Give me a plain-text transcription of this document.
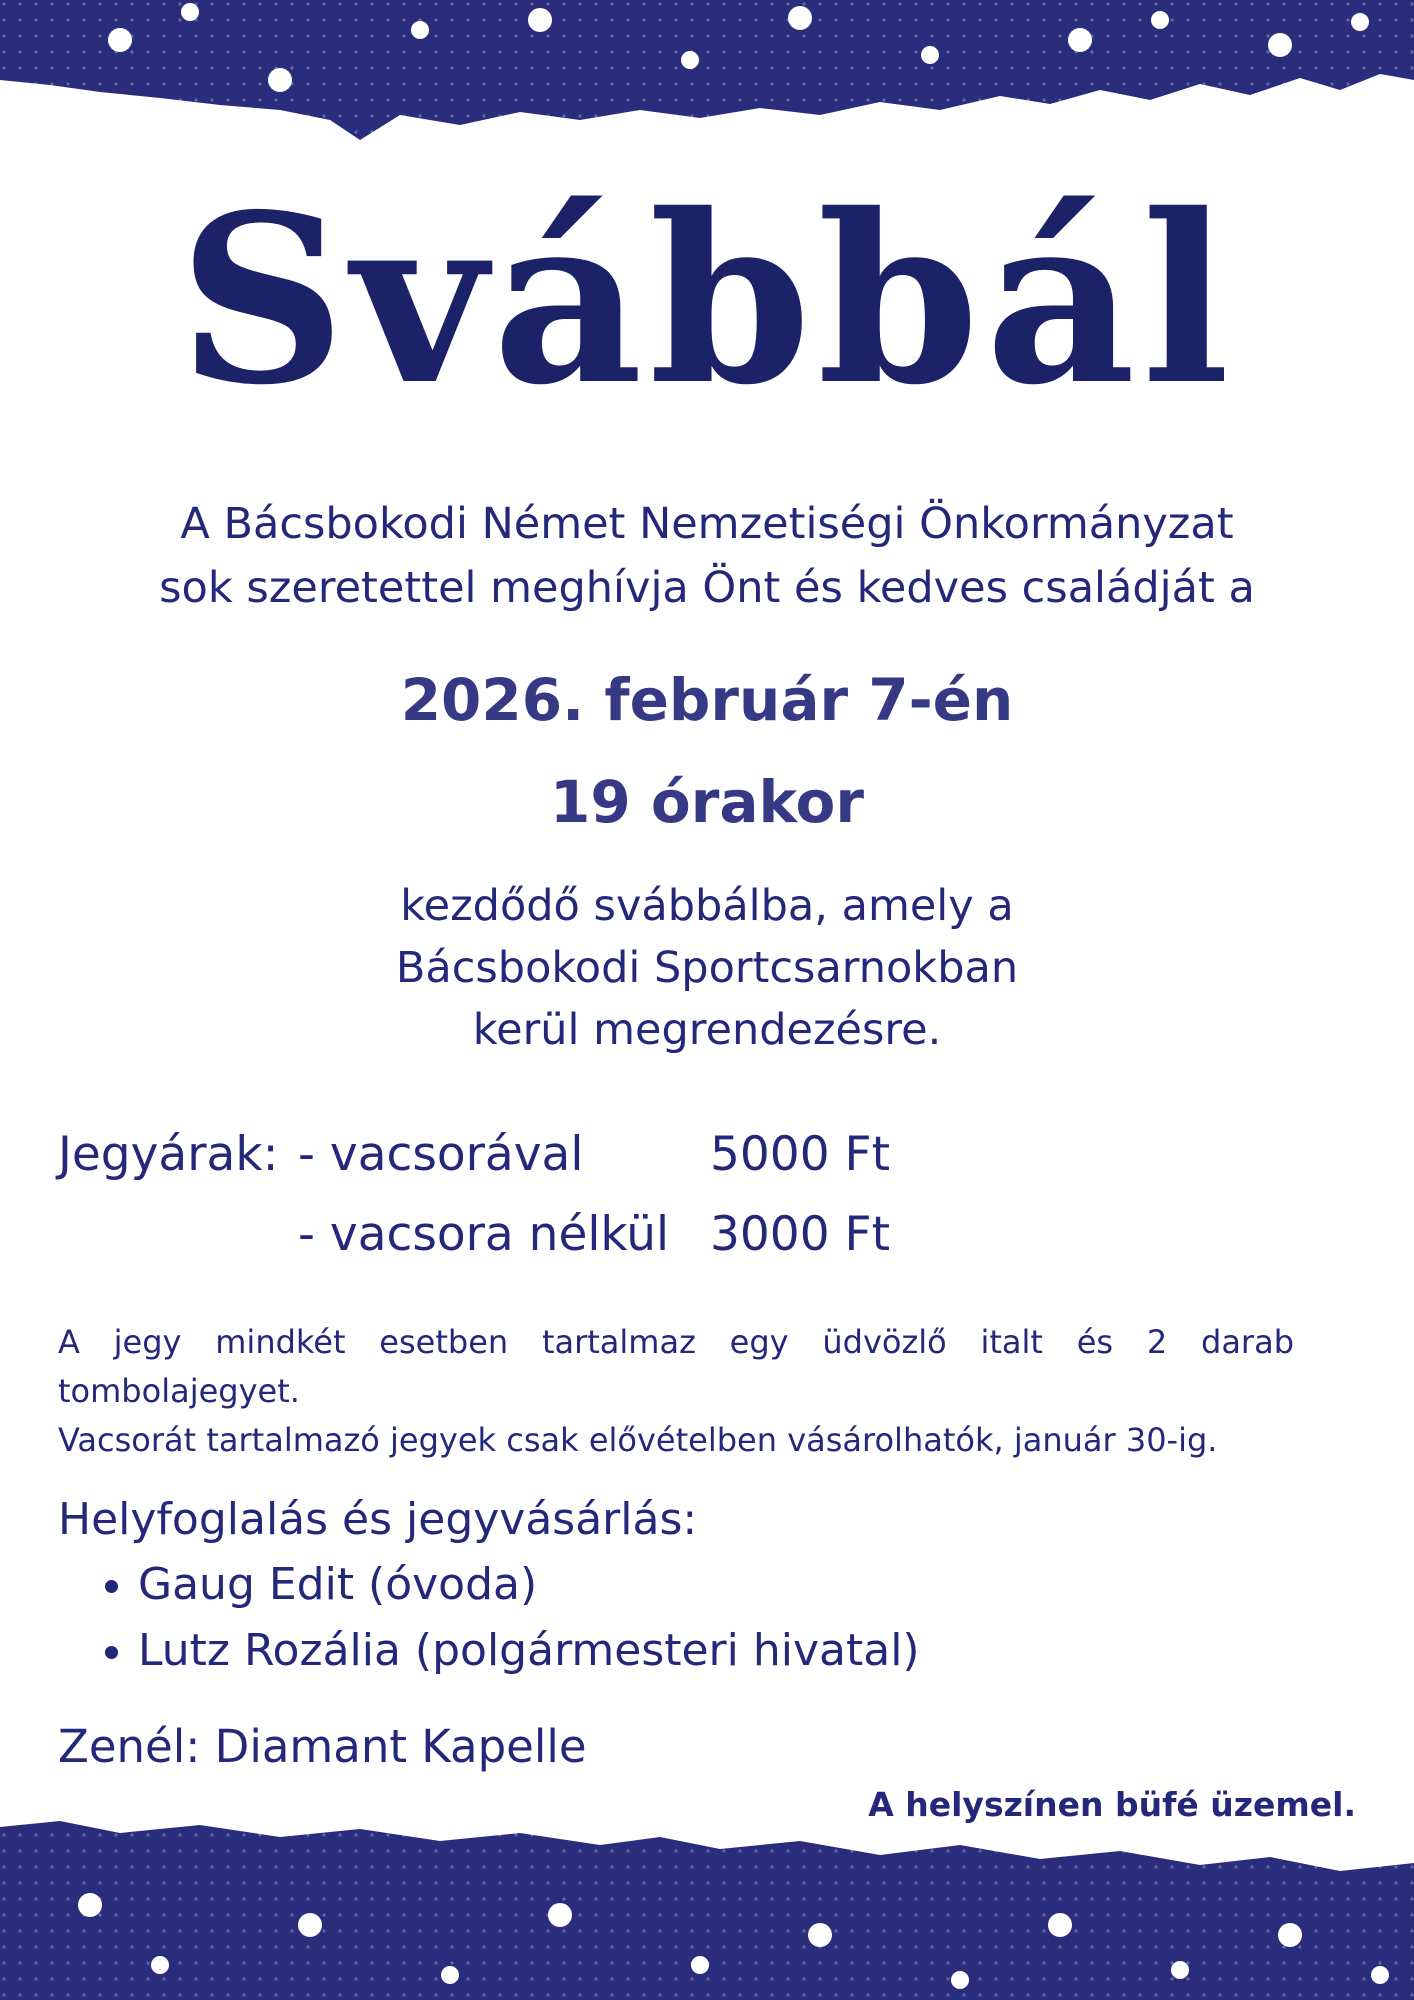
Svábbál
A Bácsbokodi Német Nemzetiségi Önkormányzat
sok szeretettel meghívja Önt és kedves családját a
2026. február 7-én
19 órakor
kezdődő svábbálba, amely a
Bácsbokodi Sportcsarnokban
kerül megrendezésre.
Jegyárak: - vacsorával	5000 Ft
- vacsora nélkül 3000 Ft

A jegy mindkét esetben tartalmaz egy üdvözlő italt és 2 darab tombolajegyet.

Vacsorát tartalmazó jegyek csak elővételben vásárolhatók, január 30-ig.

Helyfoglalás és jegyvásárlás:
• Gaug Edit (óvoda)
• Lutz Rozália (polgármesteri hivatal)
Zenél: Diamant Kapelle
A helyszínen büfé üzemel.
